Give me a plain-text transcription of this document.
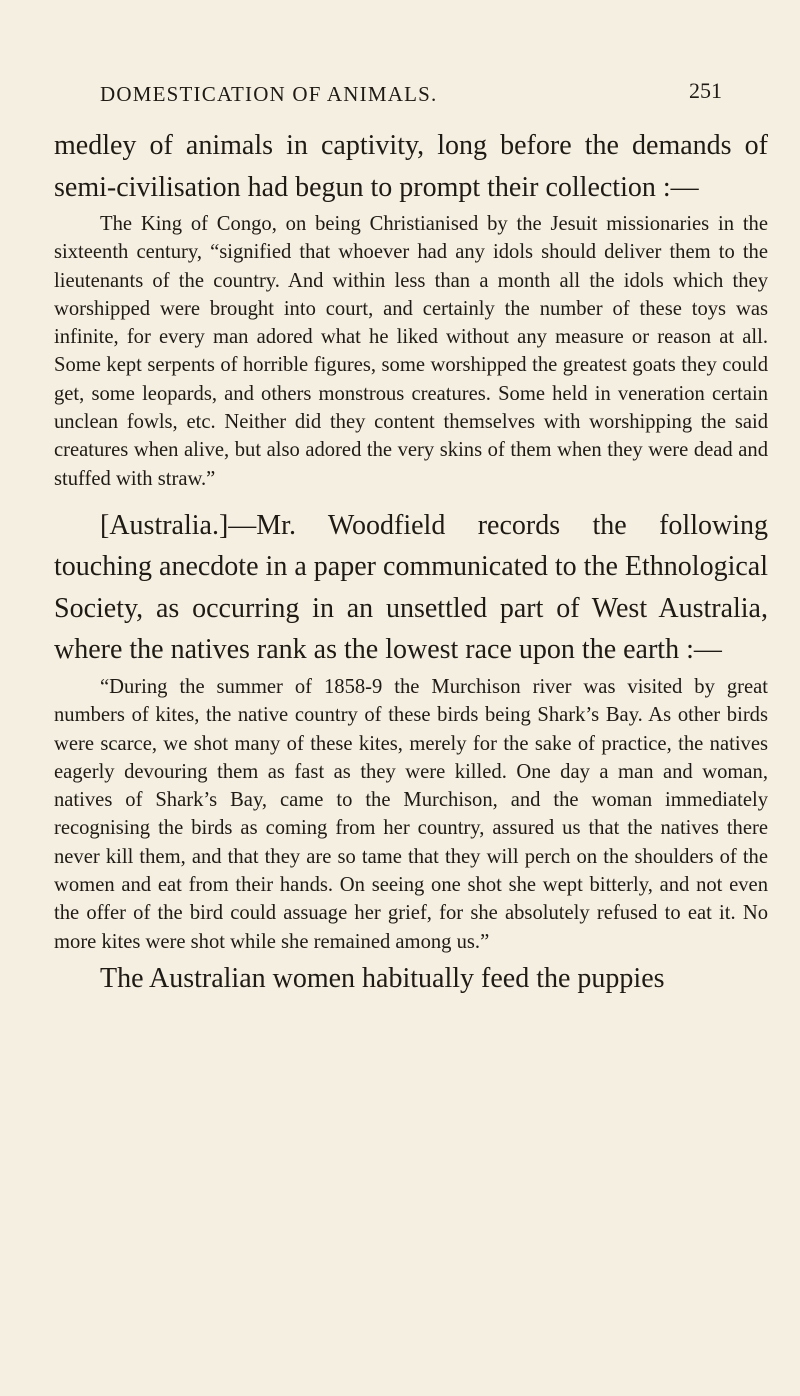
DOMESTICATION OF ANIMALS.	251

medley of animals in captivity, long before the demands of semi-civilisation had begun to prompt their collection :—

The King of Congo, on being Christianised by the Jesuit missionaries in the sixteenth century, “signified that whoever had any idols should deliver them to the lieutenants of the country. And within less than a month all the idols which they worshipped were brought into court, and certainly the number of these toys was infinite, for every man adored what he liked without any measure or reason at all. Some kept serpents of horrible figures, some worshipped the greatest goats they could get, some leopards, and others monstrous creatures. Some held in veneration certain unclean fowls, etc. Neither did they content themselves with worshipping the said creatures when alive, but also adored the very skins of them when they were dead and stuffed with straw.”

[Australia.]—Mr. Woodfield records the following touching anecdote in a paper communicated to the Ethnological Society, as occurring in an unsettled part of West Australia, where the natives rank as the lowest race upon the earth :—

“During the summer of 1858-9 the Murchison river was visited by great numbers of kites, the native country of these birds being Shark’s Bay. As other birds were scarce, we shot many of these kites, merely for the sake of practice, the natives eagerly devouring them as fast as they were killed. One day a man and woman, natives of Shark’s Bay, came to the Murchison, and the woman immediately recognising the birds as coming from her country, assured us that the natives there never kill them, and that they are so tame that they will perch on the shoulders of the women and eat from their hands. On seeing one shot she wept bitterly, and not even the offer of the bird could assuage her grief, for she absolutely refused to eat it. No more kites were shot while she remained among us.”

The Australian women habitually feed the puppies
